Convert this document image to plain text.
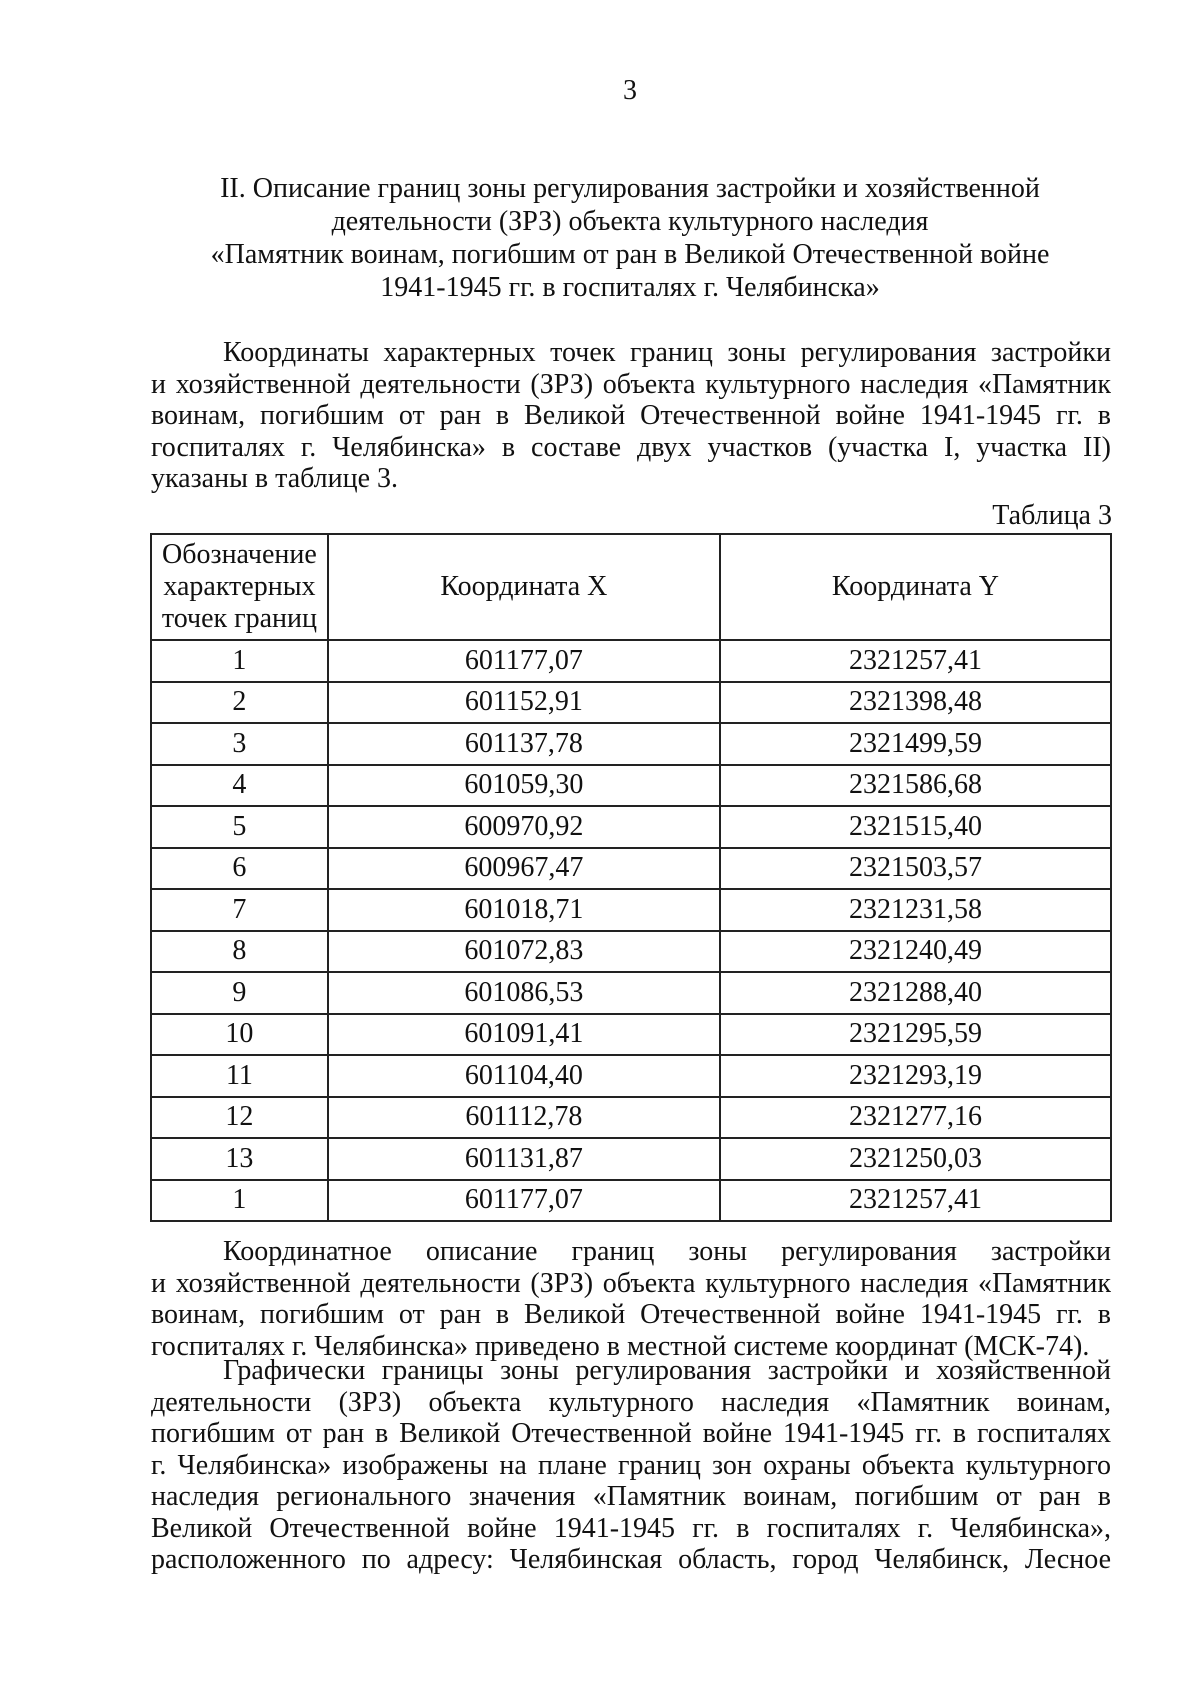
3
II. Описание границ зоны регулирования застройки и хозяйственной
деятельности (ЗРЗ) объекта культурного наследия
«Памятник воинам, погибшим от ран в Великой Отечественной войне
1941-1945 гг. в госпиталях г. Челябинска»
Координаты характерных точек границ зоны регулирования застройки
и хозяйственной деятельности (ЗРЗ) объекта культурного наследия «Памятник
воинам, погибшим от ран в Великой Отечественной войне 1941-1945 гг. в
госпиталях г. Челябинска» в составе двух участков (участка I, участка II)
указаны в таблице 3.
Таблица 3
Обозначение
характерных
точек границ	Координата X	Координата Y
1	601177,07	2321257,41
2	601152,91	2321398,48
3	601137,78	2321499,59
4	601059,30	2321586,68
5	600970,92	2321515,40
6	600967,47	2321503,57
7	601018,71	2321231,58
8	601072,83	2321240,49
9	601086,53	2321288,40
10	601091,41	2321295,59
11	601104,40	2321293,19
12	601112,78	2321277,16
13	601131,87	2321250,03
1	601177,07	2321257,41
Координатное описание границ зоны регулирования застройки
и хозяйственной деятельности (ЗРЗ) объекта культурного наследия «Памятник
воинам, погибшим от ран в Великой Отечественной войне 1941-1945 гг. в
госпиталях г. Челябинска» приведено в местной системе координат (МСК-74).
Графически границы зоны регулирования застройки и хозяйственной
деятельности (ЗРЗ) объекта культурного наследия «Памятник воинам,
погибшим от ран в Великой Отечественной войне 1941-1945 гг. в госпиталях
г. Челябинска» изображены на плане границ зон охраны объекта культурного
наследия регионального значения «Памятник воинам, погибшим от ран в
Великой Отечественной войне 1941-1945 гг. в госпиталях г. Челябинска»,
расположенного по адресу: Челябинская область, город Челябинск, Лесное
